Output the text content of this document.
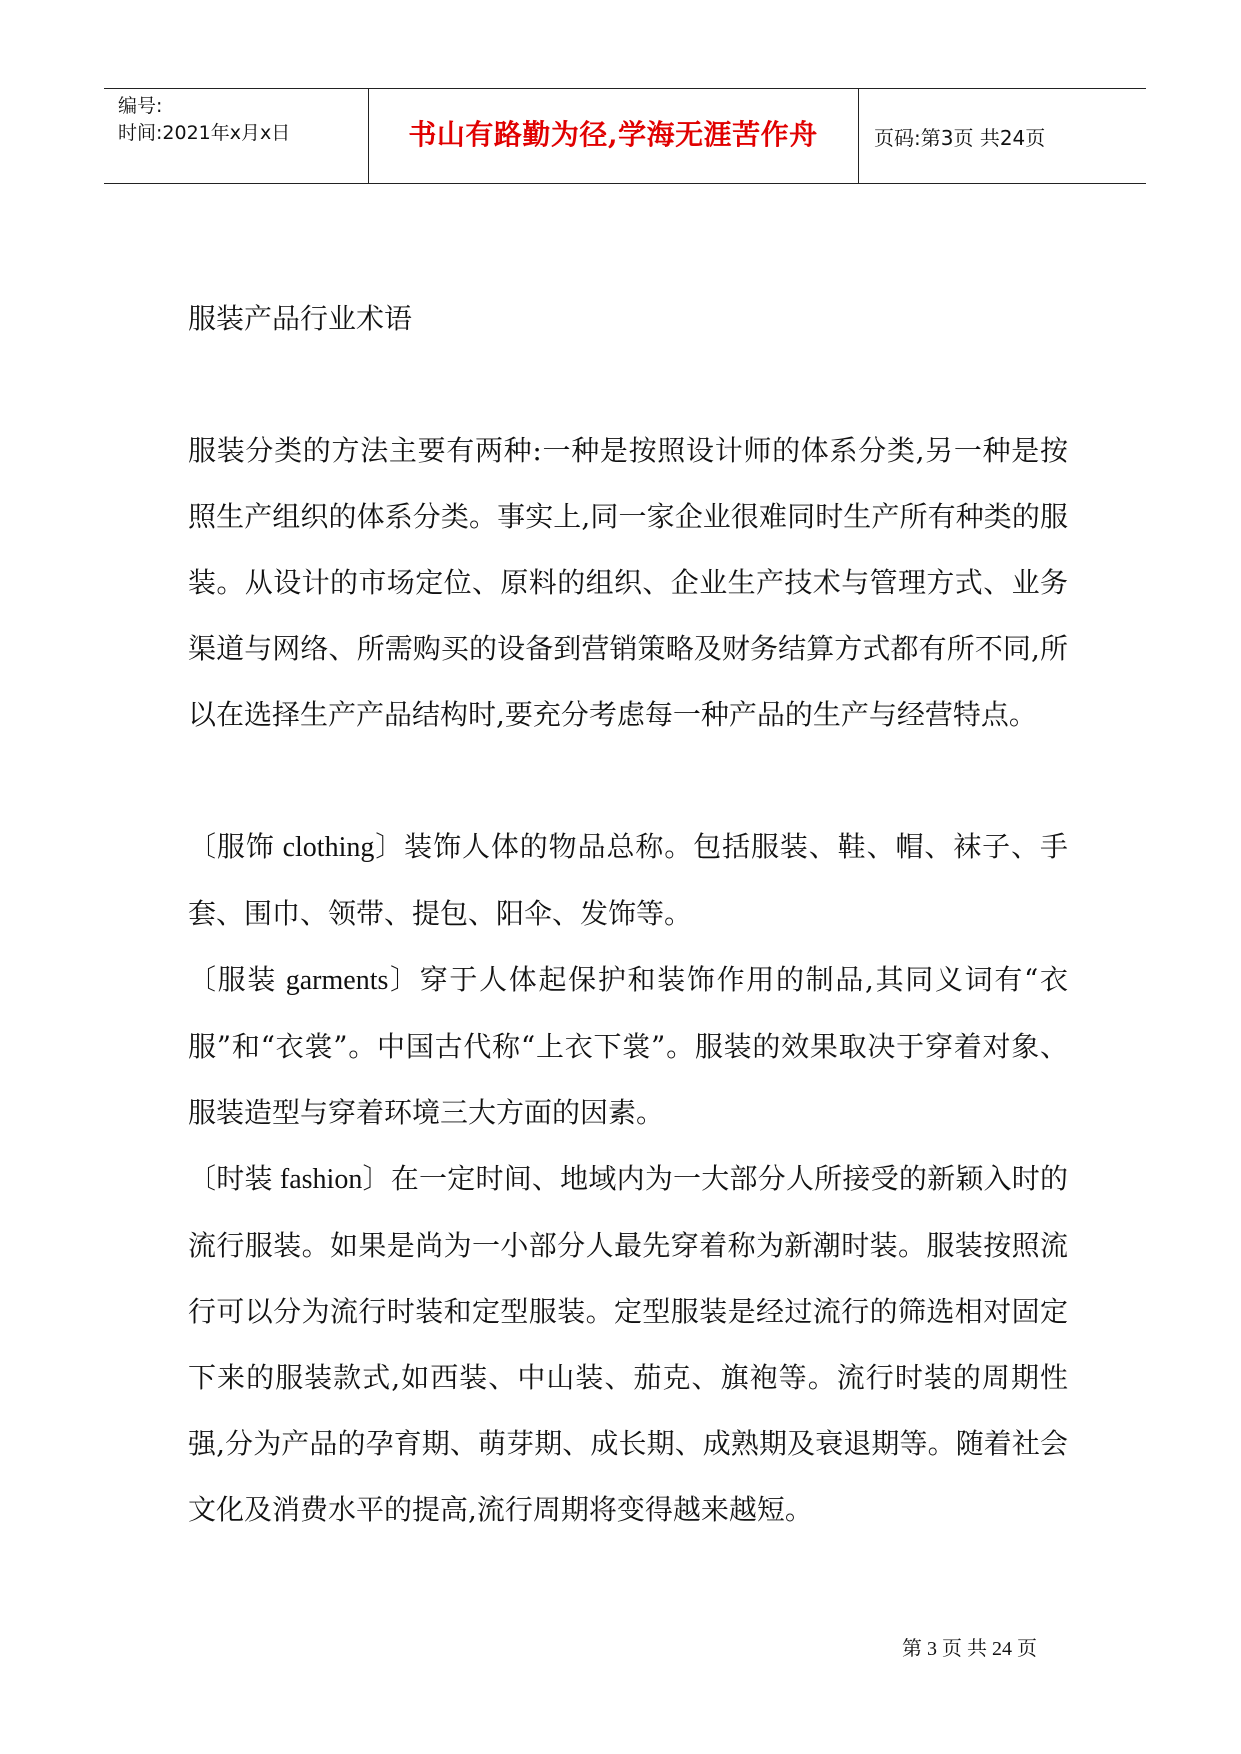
编号:
时间:2021年x月x日	书山有路勤为径,学海无涯苦作舟	页码:第3页 共24页

服装产品行业术语

服装分类的方法主要有两种:一种是按照设计师的体系分类,另一种是按照生产组织的体系分类。事实上,同一家企业很难同时生产所有种类的服装。从设计的市场定位、原料的组织、企业生产技术与管理方式、业务渠道与网络、所需购买的设备到营销策略及财务结算方式都有所不同,所以在选择生产产品结构时,要充分考虑每一种产品的生产与经营特点。

〔服饰 clothing〕装饰人体的物品总称。包括服装、鞋、帽、袜子、手套、围巾、领带、提包、阳伞、发饰等。

〔服装 garments〕穿于人体起保护和装饰作用的制品,其同义词有“衣服”和“衣裳”。中国古代称“上衣下裳”。服装的效果取决于穿着对象、服装造型与穿着环境三大方面的因素。

〔时装 fashion〕在一定时间、地域内为一大部分人所接受的新颖入时的流行服装。如果是尚为一小部分人最先穿着称为新潮时装。服装按照流行可以分为流行时装和定型服装。定型服装是经过流行的筛选相对固定下来的服装款式,如西装、中山装、茄克、旗袍等。流行时装的周期性强,分为产品的孕育期、萌芽期、成长期、成熟期及衰退期等。随着社会文化及消费水平的提高,流行周期将变得越来越短。

第 3 页 共 24 页
